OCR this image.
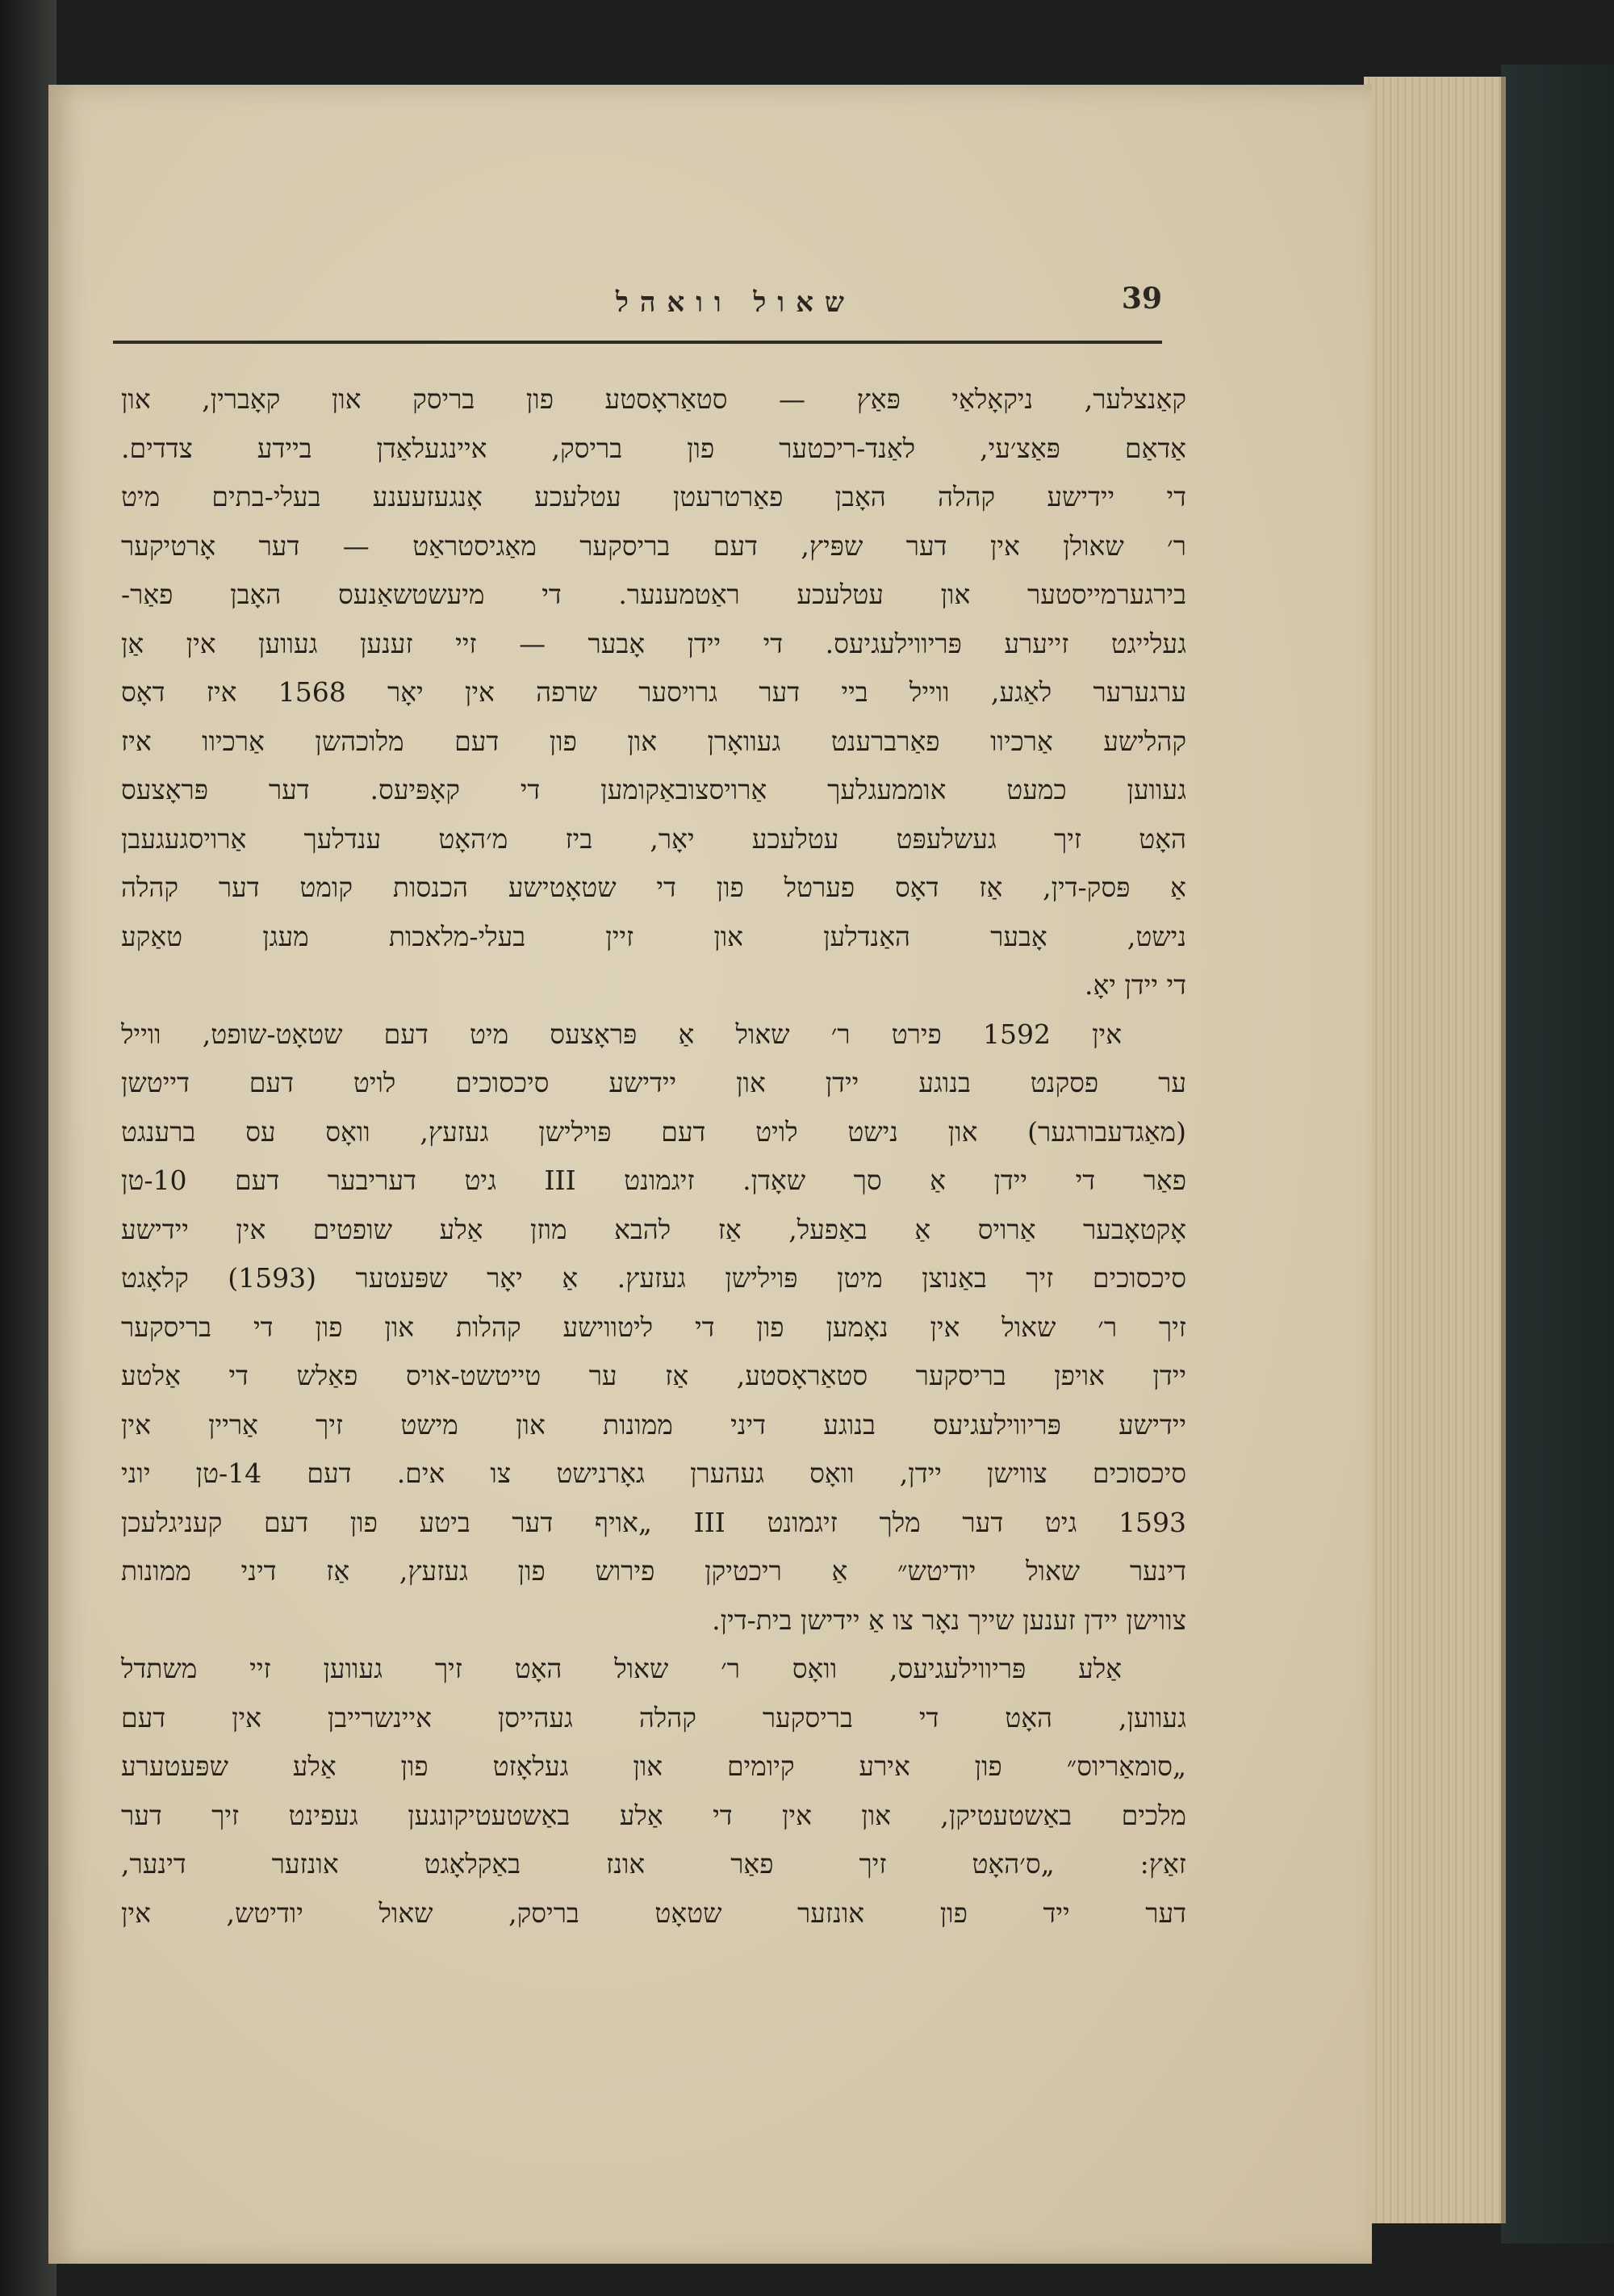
שאול וואהל	39
קאַנצלער, ניקאָלאַי פּאַץ — סטאַראָסטע פון בריסק און קאָברין, און
אַדאַם פּאַצ׳עי, לאַנד-ריכטער פון בריסק, איינגעלאַדן ביידע צדדים.
די יידישע קהלה האָבן פאַרטרעטן עטלעכע אָנגעזעענע בעלי-בתים מיט
ר׳ שאולן אין דער שפּיץ, דעם בריסקער מאַגיסטראַט — דער אָרטיקער
בירגערמייסטער און עטלעכע ראַטמענער. די מיעשטשאַנעס האָבן פאַר-
געלייגט זייערע פּריווילעגיעס. די יידן אָבער — זיי זענען געווען אין אַן
ערגערער לאַגע, ווייל ביי דער גרויסער שרפה אין יאָר 1568 איז דאָס
קהלישע אַרכיוו פאַרברענט געוואָרן און פון דעם מלוכהשן אַרכיוו איז
געווען כמעט אוממעגלעך אַרויסצובאַקומען די קאָפּיעס. דער פּראָצעס
האָט זיך געשלעפּט עטלעכע יאָר, ביז מ׳האָט ענדלעך אַרויסגעגעבן
אַ פּסק-דין, אַז דאָס פערטל פון די שטאָטישע הכנסות קומט דער קהלה
נישט, אָבער האַנדלען און זיין בעלי-מלאכות מעגן טאַקע
די יידן יאָ.
אין 1592 פירט ר׳ שאול אַ פּראָצעס מיט דעם שטאָט-שופט, ווייל
ער פסקנט בנוגע יידן און יידישע סיכסוכים לויט דעם דייטשן
(מאַגדעבורגער) און נישט לויט דעם פּוילישן געזעץ, וואָס עס ברענגט
פאַר די יידן אַ סך שאָדן. זיגמונט III גיט דעריבער דעם 10-טן
אָקטאָבער אַרויס אַ באַפעל, אַז להבא מוזן אַלע שופטים אין יידישע
סיכסוכים זיך באַנוצן מיטן פּוילישן געזעץ. אַ יאָר שפּעטער (1593) קלאָגט
זיך ר׳ שאול אין נאָמען פון די ליטווישע קהלות און פון די בריסקער
יידן אויפן בריסקער סטאַראָסטע, אַז ער טייטשט-אויס פאַלש די אַלטע
יידישע פּריווילעגיעס בנוגע דיני ממונות און מישט זיך אַריין אין
סיכסוכים צווישן יידן, וואָס געהערן גאָרנישט צו אים. דעם 14-טן יוני
1593 גיט דער מלך זיגמונט III „אויף דער ביטע פון דעם קעניגלעכן
דינער שאול יודיטש״ אַ ריכטיקן פירוש פון געזעץ, אַז דיני ממונות
צווישן יידן זענען שייך נאָר צו אַ יידישן בית-דין.
אַלע פּריווילעגיעס, וואָס ר׳ שאול האָט זיך געווען זיי משתדל
געווען, האָט די בריסקער קהלה געהייסן איינשרייבן אין דעם
„סומאַריוס״ פון אירע קיומים און געלאָזט פון אַלע שפּעטערע
מלכים באַשטעטיקן, און אין די אַלע באַשטעטיקונגען געפינט זיך דער
זאַץ: „ס׳האָט זיך פאַר אונז באַקלאָגט אונזער דינער,
דער ייד פון אונזער שטאָט בריסק, שאול יודיטש, אין
